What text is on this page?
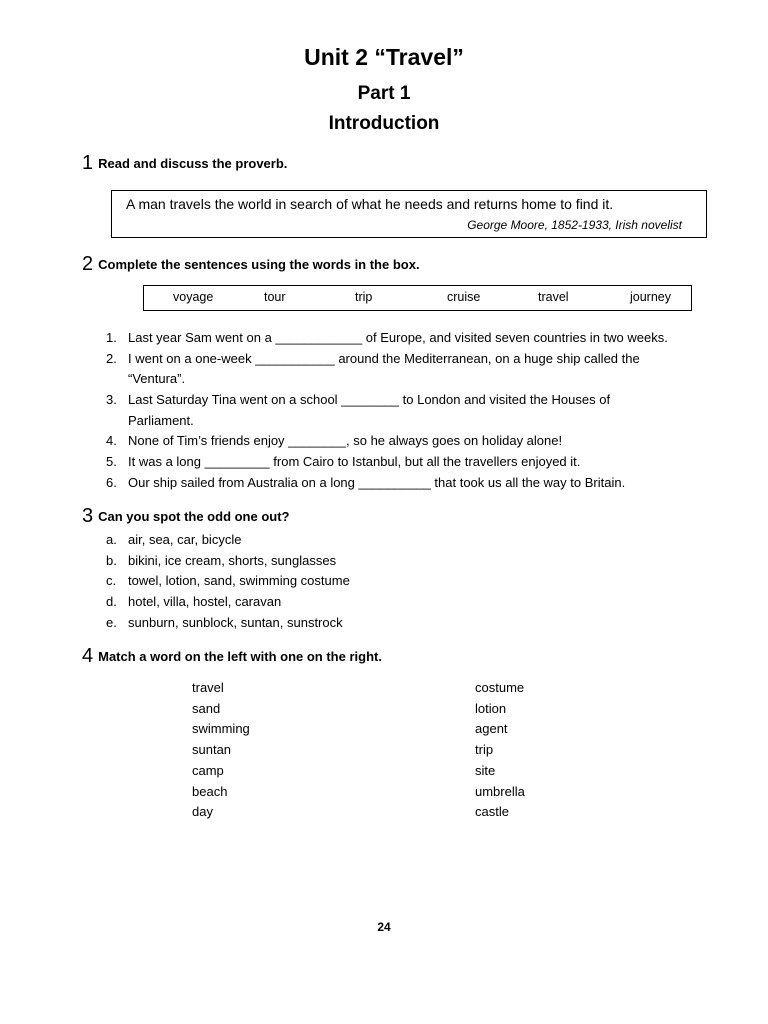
Unit 2 “Travel”
Part 1
Introduction
1 Read and discuss the proverb.
A man travels the world in search of what he needs and returns home to find it.
George Moore, 1852-1933, Irish novelist
2 Complete the sentences using the words in the box.
voyage	tour	trip	cruise	travel	journey
1. Last year Sam went on a ____________ of Europe, and visited seven countries in two weeks.
2. I went on a one-week ___________ around the Mediterranean, on a huge ship called the
“Ventura”.
3. Last Saturday Tina went on a school ________ to London and visited the Houses of
Parliament.
4. None of Tim’s friends enjoy ________, so he always goes on holiday alone!
5. It was a long _________ from Cairo to Istanbul, but all the travellers enjoyed it.
6. Our ship sailed from Australia on a long __________ that took us all the way to Britain.
3 Can you spot the odd one out?
a. air, sea, car, bicycle
b. bikini, ice cream, shorts, sunglasses
c. towel, lotion, sand, swimming costume
d. hotel, villa, hostel, caravan
e. sunburn, sunblock, suntan, sunstrock
4 Match a word on the left with one on the right.
travel
sand
swimming
suntan
camp
beach
day
costume
lotion
agent
trip
site
umbrella
castle
24
